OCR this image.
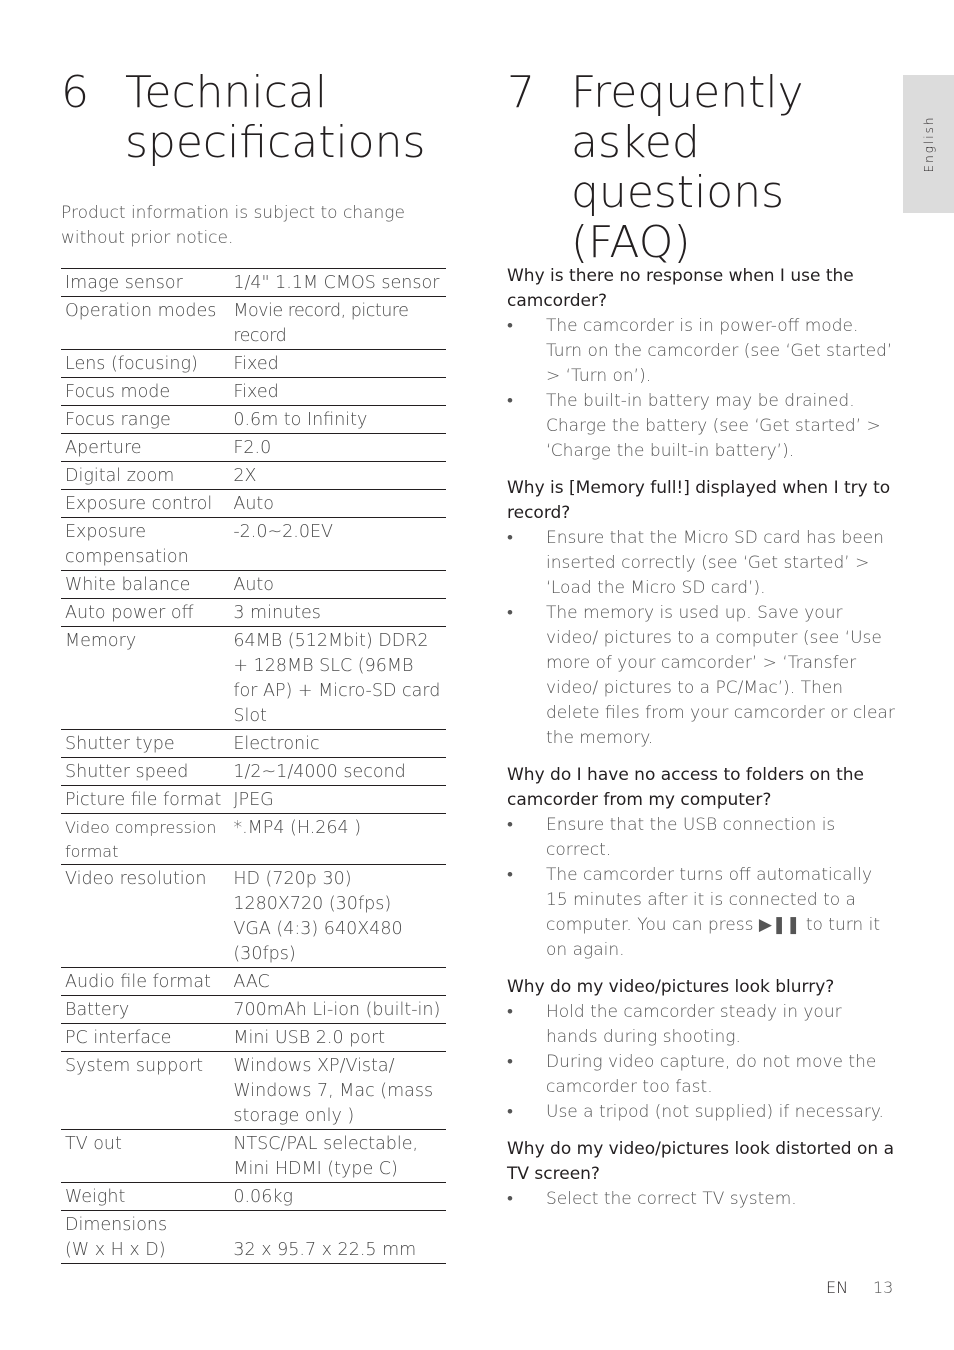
English
6 Technical specifications
7 Frequently asked questions (FAQ)
Product information is subject to change without prior notice.
Image sensor	1/4" 1.1M CMOS sensor
Operation modes	Movie record, picture record
Lens (focusing)	Fixed
Focus mode	Fixed
Focus range	0.6m to Infinity
Aperture	F2.0
Digital zoom	2X
Exposure control	Auto
Exposure compensation	-2.0~2.0EV
White balance	Auto
Auto power off	3 minutes
Memory	64MB (512Mbit) DDR2 + 128MB SLC (96MB for AP) + Micro-SD card Slot
Shutter type	Electronic
Shutter speed	1/2~1/4000 second
Picture file format	JPEG
Video compression format	*.MP4 (H.264 )
Video resolution	HD (720p 30) 1280X720 (30fps)
VGA (4:3) 640X480 (30fps)

Audio file format	AAC
Battery	700mAh Li-ion (built-in)
PC interface	Mini USB 2.0 port
System support	Windows XP/Vista/ Windows 7, Mac (mass storage only )
TV out	NTSC/PAL selectable, Mini HDMI (type C)
Weight	0.06kg

Dimensions
(W x H x D)	32 x 95.7 x 22.5 mm
Why is there no response when I use the camcorder?
• The camcorder is in power-off mode. Turn on the camcorder (see ‘Get started’ > ‘Turn on’).
• The built-in battery may be drained. Charge the battery (see ‘Get started’ > ‘Charge the built-in battery’).
Why is [Memory full!] displayed when I try to record?
• Ensure that the Micro SD card has been inserted correctly (see ‘Get started’ > ‘Load the Micro SD card’).
• The memory is used up. Save your video/ pictures to a computer (see ‘Use more of your camcorder’ > ‘Transfer video/ pictures to a PC/Mac’). Then delete files from your camcorder or clear the memory.
Why do I have no access to folders on the camcorder from my computer?
• Ensure that the USB connection is correct.
• The camcorder turns off automatically 15 minutes after it is connected to a computer. You can press ▶❚❚ to turn it on again.
Why do my video/pictures look blurry?
• Hold the camcorder steady in your hands during shooting.
• During video capture, do not move the camcorder too fast.
• Use a tripod (not supplied) if necessary.
Why do my video/pictures look distorted on a TV screen?
• Select the correct TV system.
EN 13
